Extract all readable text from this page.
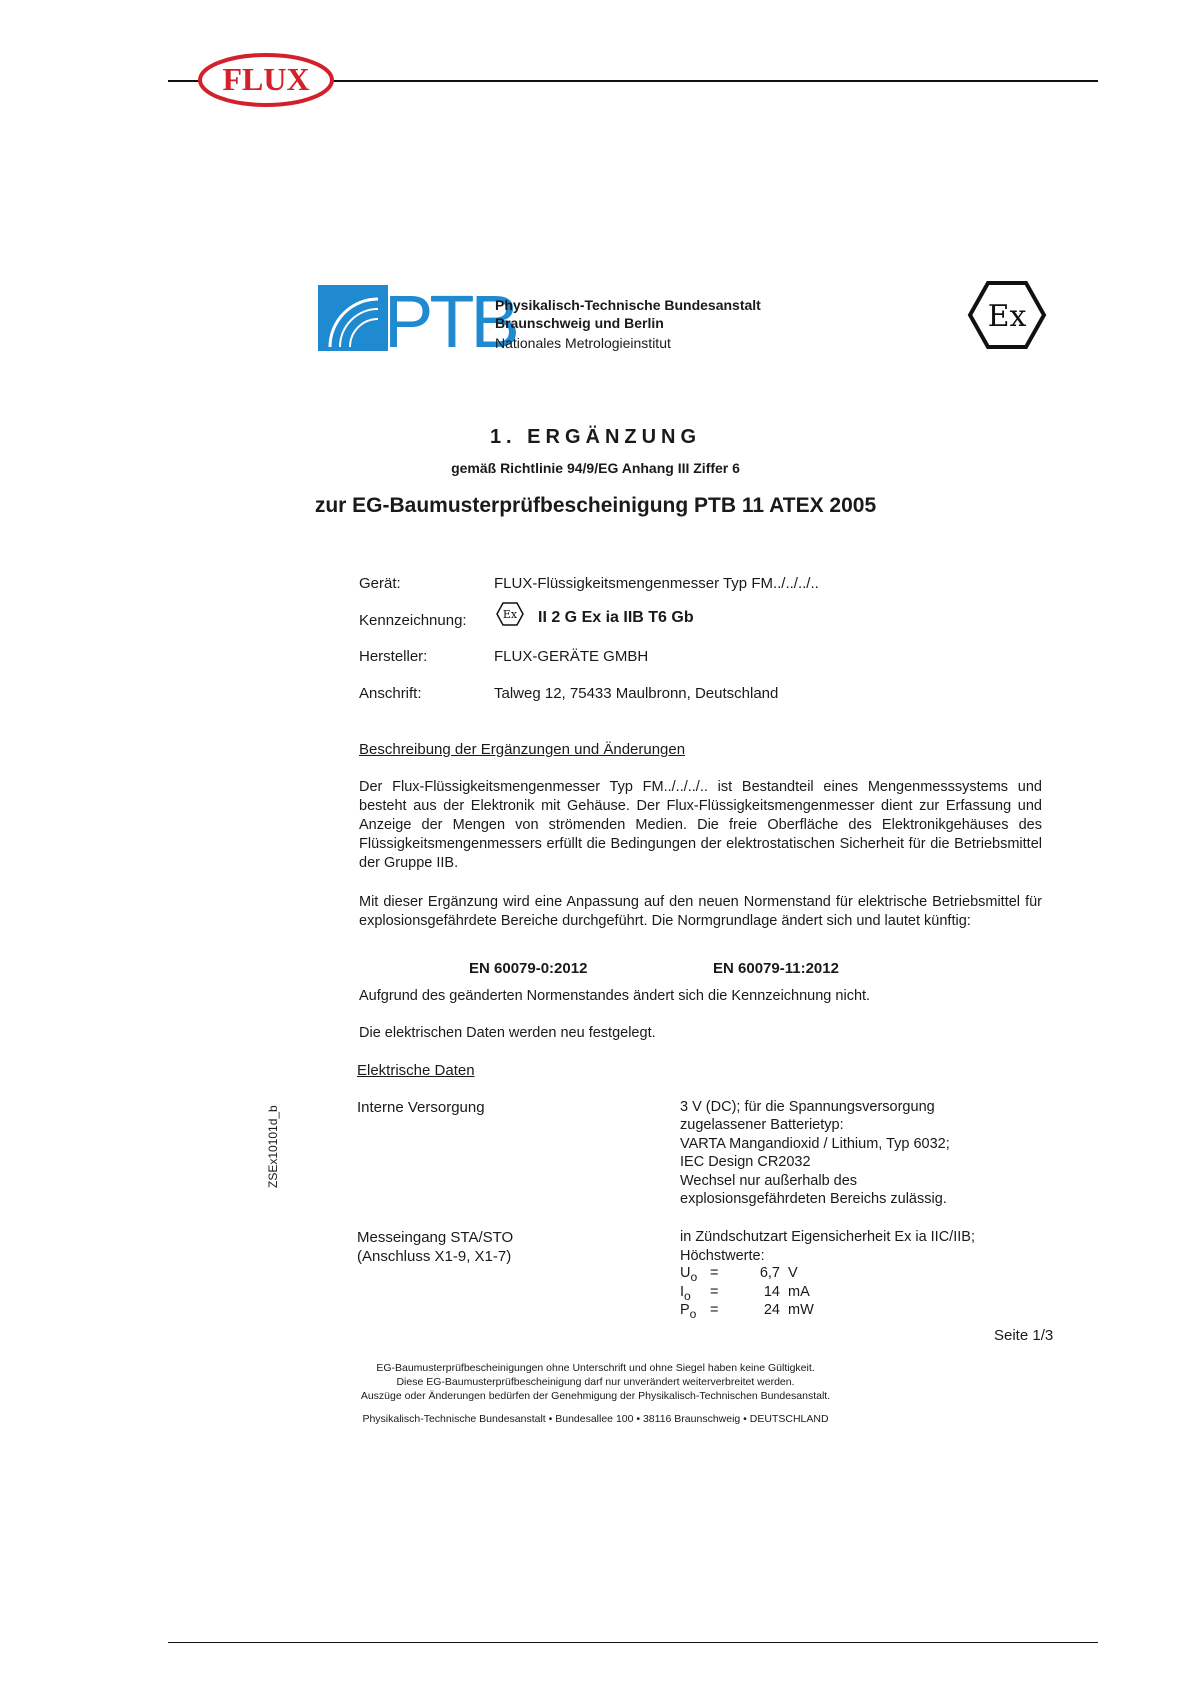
FLUX
PTB
Physikalisch-Technische Bundesanstalt
Braunschweig und Berlin
Nationales Metrologieinstitut
Ex
1. ERGÄNZUNG
gemäß Richtlinie 94/9/EG Anhang III Ziffer 6
zur EG-Baumusterprüfbescheinigung PTB 11 ATEX 2005
Gerät:	FLUX-Flüssigkeitsmengenmesser Typ FM../../../..
Kennzeichnung:	Ex II 2 G Ex ia IIB T6 Gb
Hersteller:	FLUX-GERÄTE GMBH
Anschrift:	Talweg 12, 75433 Maulbronn, Deutschland
Beschreibung der Ergänzungen und Änderungen
Der Flux-Flüssigkeitsmengenmesser Typ FM../../../.. ist Bestandteil eines Mengenmesssystems und besteht aus der Elektronik mit Gehäuse. Der Flux-Flüssigkeitsmengenmesser dient zur Erfassung und Anzeige der Mengen von strömenden Medien. Die freie Oberfläche des Elektronikgehäuses des Flüssigkeitsmengenmessers erfüllt die Bedingungen der elektrostatischen Sicherheit für die Betriebsmittel der Gruppe IIB.
Mit dieser Ergänzung wird eine Anpassung auf den neuen Normenstand für elektrische Betriebsmittel für explosionsgefährdete Bereiche durchgeführt. Die Normgrundlage ändert sich und lautet künftig:
EN 60079-0:2012	EN 60079-11:2012
Aufgrund des geänderten Normenstandes ändert sich die Kennzeichnung nicht.
Die elektrischen Daten werden neu festgelegt.
Elektrische Daten
Interne Versorgung	3 V (DC); für die Spannungsversorgung
zugelassener Batterietyp:
VARTA Mangandioxid / Lithium, Typ 6032;
IEC Design CR2032
Wechsel nur außerhalb des
explosionsgefährdeten Bereichs zulässig.
Messeingang STA/STO
(Anschluss X1-9, X1-7)
in Zündschutzart Eigensicherheit Ex ia IIC/IIB;
Höchstwerte:
$U_o$ =	6,7 V
$I_o$ =	14 mA
$P_o$ =	24 mW
Seite 1/3
ZSEx10101d_b
EG-Baumusterprüfbescheinigungen ohne Unterschrift und ohne Siegel haben keine Gültigkeit.
Diese EG-Baumusterprüfbescheinigung darf nur unverändert weiterverbreitet werden.
Auszüge oder Änderungen bedürfen der Genehmigung der Physikalisch-Technischen Bundesanstalt.
Physikalisch-Technische Bundesanstalt • Bundesallee 100 • 38116 Braunschweig • DEUTSCHLAND
